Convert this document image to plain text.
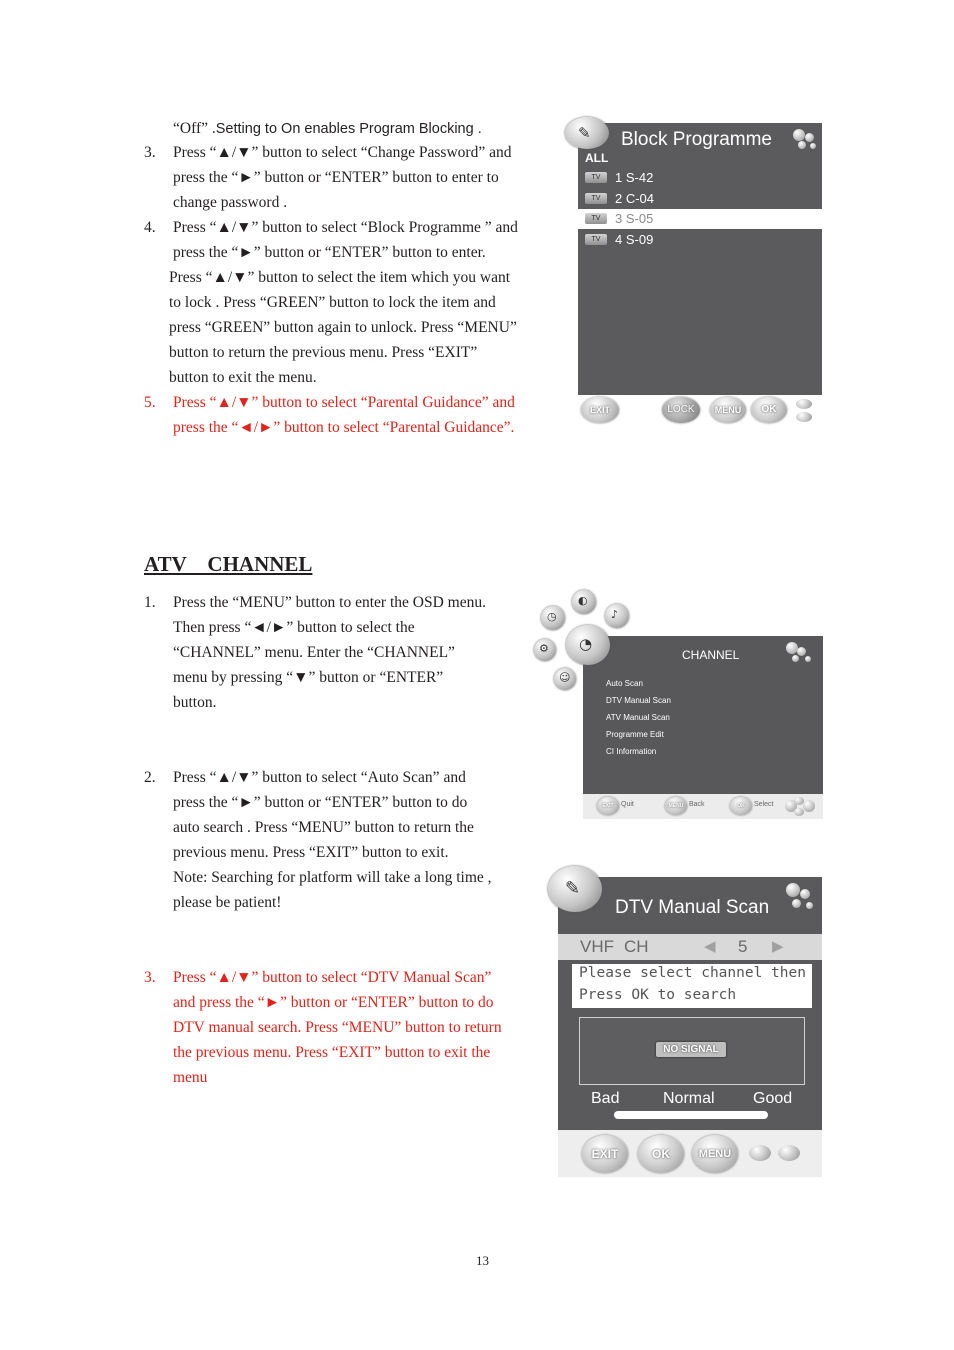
“Off” .Setting to On enables Program Blocking .
3. Press “▲/▼” button to select “Change Password” and
press the “►” button or “ENTER” button to enter to
change password .
4. Press “▲/▼” button to select “Block Programme ” and
press the “►” button or “ENTER” button to enter.
Press “▲/▼” button to select the item which you want
to lock . Press “GREEN” button to lock the item and
press “GREEN” button again to unlock. Press “MENU”
button to return the previous menu. Press “EXIT”
button to exit the menu.
5. Press “▲/▼” button to select “Parental Guidance” and
press the “◄/►” button to select “Parental Guidance”.
Block Programme
ALL
TV	1 S-42
TV	2 C-04
TV	3 S-05
TV	4 S-09
EXIT	LOCK	MENU	OK
✎
ATV    CHANNEL
1. Press the “MENU” button to enter the OSD menu.
Then press “◄/►” button to select the
“CHANNEL” menu. Enter the “CHANNEL”
menu by pressing “▼” button or “ENTER”
button.
2. Press “▲/▼” button to select “Auto Scan” and
press the “►” button or “ENTER” button to do
auto search . Press “MENU” button to return the
previous menu. Press “EXIT” button to exit.
Note: Searching for platform will take a long time ,
please be patient!
3. Press “▲/▼” button to select “DTV Manual Scan”
and press the “►” button or “ENTER” button to do
DTV manual search. Press “MENU” button to return
the previous menu. Press “EXIT” button to exit the
menu
◐
♪
◷
⚙
☺
CHANNEL
Auto Scan
DTV Manual Scan
ATV Manual Scan
Programme Edit
CI Information
EXIT	Quit	MENU Back	OK	Select
◔
DTV Manual Scan
VHF CH	◀ 5 ▶
Please select channel then
Press OK to search
NO SIGNAL
Bad	Normal Good
EXIT	OK	MENU
✎
13
